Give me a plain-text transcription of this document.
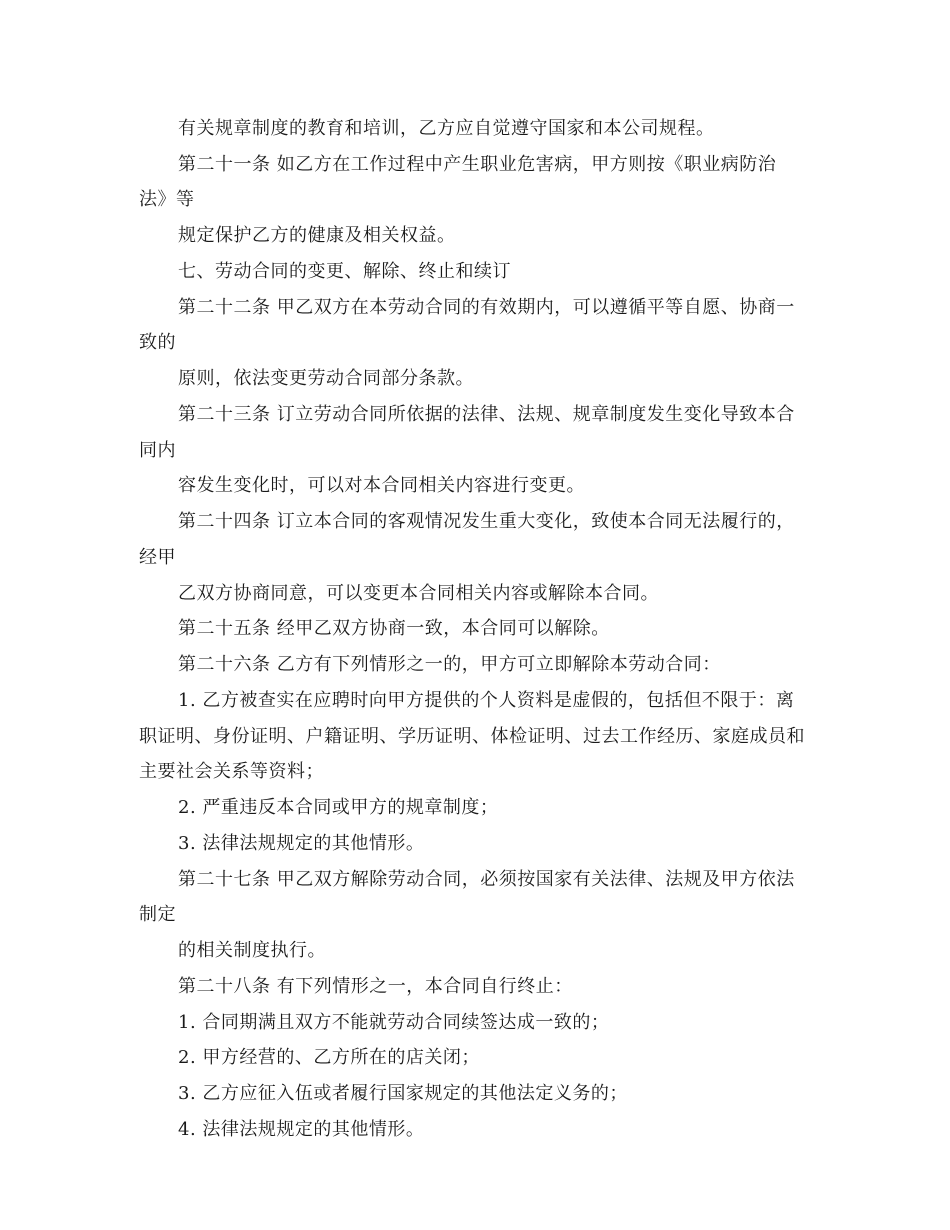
有关规章制度的教育和培训，乙方应自觉遵守国家和本公司规程。
第二十一条 如乙方在工作过程中产生职业危害病，甲方则按《职业病防治
法》等
规定保护乙方的健康及相关权益。
七、劳动合同的变更、解除、终止和续订
第二十二条 甲乙双方在本劳动合同的有效期内，可以遵循平等自愿、协商一
致的
原则，依法变更劳动合同部分条款。
第二十三条 订立劳动合同所依据的法律、法规、规章制度发生变化导致本合
同内
容发生变化时，可以对本合同相关内容进行变更。
第二十四条 订立本合同的客观情况发生重大变化，致使本合同无法履行的，
经甲
乙双方协商同意，可以变更本合同相关内容或解除本合同。
第二十五条 经甲乙双方协商一致，本合同可以解除。
第二十六条 乙方有下列情形之一的，甲方可立即解除本劳动合同：
1. 乙方被查实在应聘时向甲方提供的个人资料是虚假的，包括但不限于：离
职证明、身份证明、户籍证明、学历证明、体检证明、过去工作经历、家庭成员和
主要社会关系等资料；
2. 严重违反本合同或甲方的规章制度；
3. 法律法规规定的其他情形。
第二十七条 甲乙双方解除劳动合同，必须按国家有关法律、法规及甲方依法
制定
的相关制度执行。
第二十八条 有下列情形之一，本合同自行终止：
1. 合同期满且双方不能就劳动合同续签达成一致的；
2. 甲方经营的、乙方所在的店关闭；
3. 乙方应征入伍或者履行国家规定的其他法定义务的；
4. 法律法规规定的其他情形。
